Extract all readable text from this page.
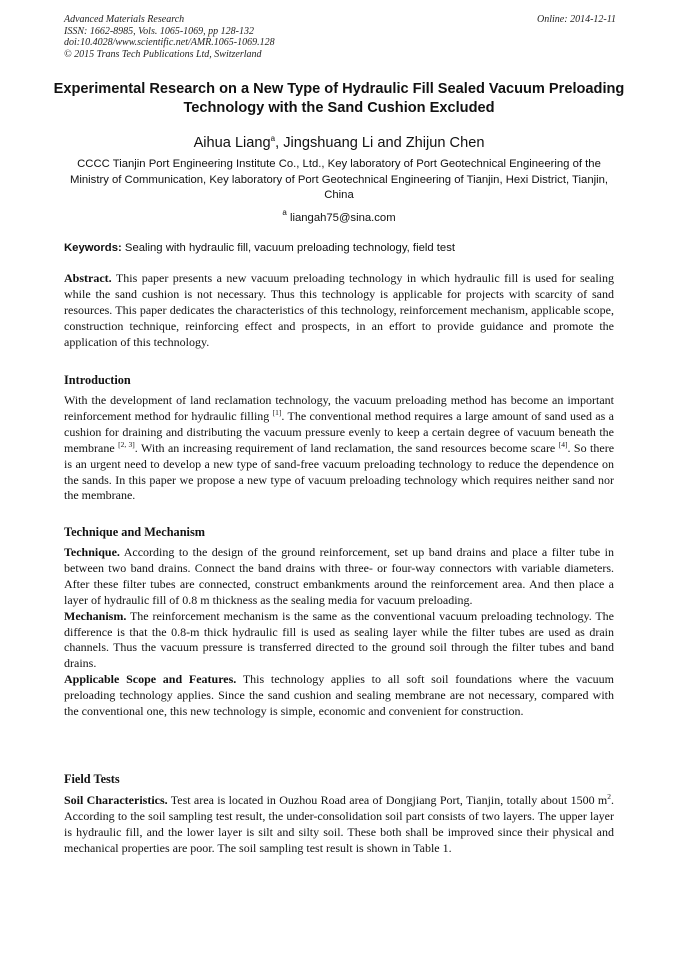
Advanced Materials Research
ISSN: 1662-8985, Vols. 1065-1069, pp 128-132
doi:10.4028/www.scientific.net/AMR.1065-1069.128
© 2015 Trans Tech Publications Ltd, Switzerland
Online: 2014-12-11
Experimental Research on a New Type of Hydraulic Fill Sealed Vacuum Preloading Technology with the Sand Cushion Excluded
Aihua Liang$^a$, Jingshuang Li and Zhijun Chen
CCCC Tianjin Port Engineering Institute Co., Ltd., Key laboratory of Port Geotechnical Engineering of the Ministry of Communication, Key laboratory of Port Geotechnical Engineering of Tianjin, Hexi District, Tianjin, China
$^a$ liangah75@sina.com
Keywords: Sealing with hydraulic fill, vacuum preloading technology, field test

Abstract. This paper presents a new vacuum preloading technology in which hydraulic fill is used for sealing while the sand cushion is not necessary. Thus this technology is applicable for projects with scarcity of sand resources. This paper dedicates the characteristics of this technology, reinforcement mechanism, applicable scope, construction technique, reinforcing effect and prospects, in an effort to provide guidance and promote the application of this technology.

Introduction

With the development of land reclamation technology, the vacuum preloading method has become an important reinforcement method for hydraulic filling [1]. The conventional method requires a large amount of sand used as a cushion for draining and distributing the vacuum pressure evenly to keep a certain degree of vacuum beneath the membrane [2, 3]. With an increasing requirement of land reclamation, the sand resources become scare [4]. So there is an urgent need to develop a new type of sand-free vacuum preloading technology to reduce the dependence on the sands. In this paper we propose a new type of vacuum preloading technology which requires neither sand nor the membrane.

Technique and Mechanism

Technique. According to the design of the ground reinforcement, set up band drains and place a filter tube in between two band drains. Connect the band drains with three- or four-way connectors with variable diameters. After these filter tubes are connected, construct embankments around the reinforcement area. And then place a layer of hydraulic fill of 0.8 m thickness as the sealing media for vacuum preloading.

Mechanism. The reinforcement mechanism is the same as the conventional vacuum preloading technology. The difference is that the 0.8-m thick hydraulic fill is used as sealing layer while the filter tubes are used as drain channels. Thus the vacuum pressure is transferred directed to the ground soil through the filter tubes and band drains.

Applicable Scope and Features. This technology applies to all soft soil foundations where the vacuum preloading technology applies. Since the sand cushion and sealing membrane are not necessary, compared with the conventional one, this new technology is simple, economic and convenient for construction.

Field Tests

Soil Characteristics. Test area is located in Ouzhou Road area of Dongjiang Port, Tianjin, totally about 1500 $m^2$. According to the soil sampling test result, the under-consolidation soil part consists of two layers. The upper layer is hydraulic fill, and the lower layer is silt and silty soil. These both shall be improved since their physical and mechanical properties are poor. The soil sampling test result is shown in Table 1.
